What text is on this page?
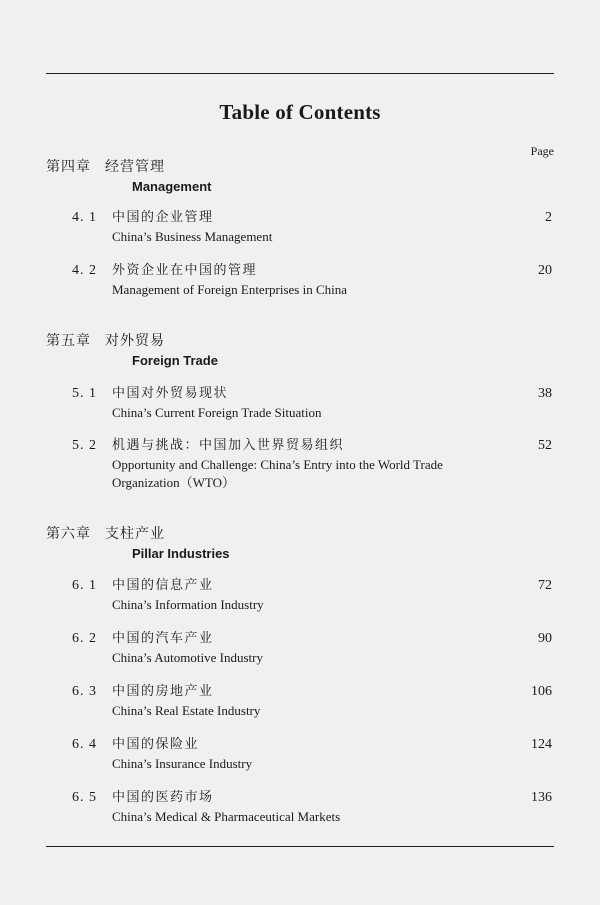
Table of Contents
Page
第四章 经营管理
Management
4. 1 中国的企业管理
China’s Business Management
2
4. 2 外资企业在中国的管理
Management of Foreign Enterprises in China
20
第五章 对外贸易
Foreign Trade
5. 1 中国对外贸易现状
China’s Current Foreign Trade Situation
38
5. 2 机遇与挑战：中国加入世界贸易组织
Opportunity and Challenge: China’s Entry into the World Trade Organization（WTO）
52
第六章 支柱产业
Pillar Industries
6. 1 中国的信息产业
China’s Information Industry
72
6. 2 中国的汽车产业
China’s Automotive Industry
90
6. 3 中国的房地产业
China’s Real Estate Industry
106
6. 4 中国的保险业
China’s Insurance Industry
124
6. 5 中国的医药市场
China’s Medical & Pharmaceutical Markets
136
